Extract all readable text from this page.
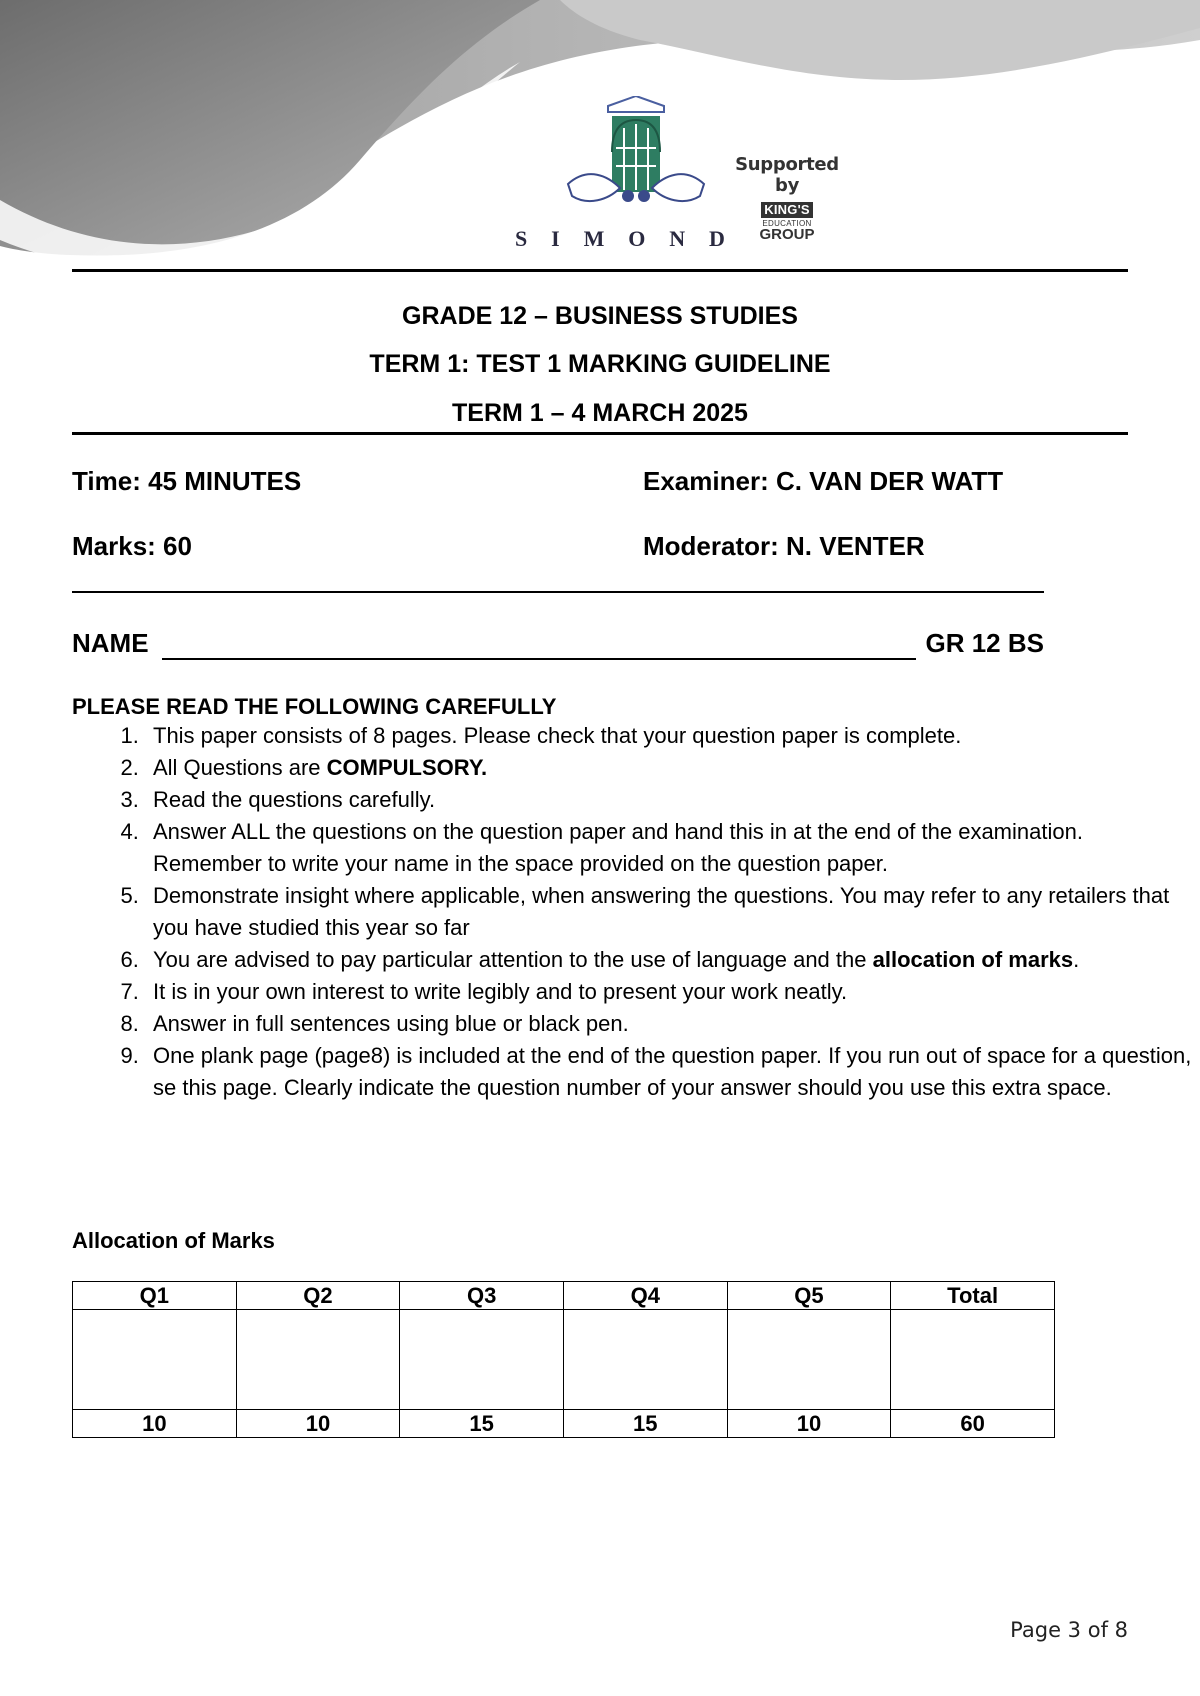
S I M O N D
Supported by
KING'S
EDUCATION
GROUP
GRADE 12 – BUSINESS STUDIES
TERM 1: TEST 1 MARKING GUIDELINE
TERM 1 – 4 MARCH 2025
Time: 45 MINUTES	Examiner: C. VAN DER WATT
Marks: 60	Moderator: N. VENTER
NAME	GR 12 BS
PLEASE READ THE FOLLOWING CAREFULLY
1. This paper consists of 8 pages. Please check that your question paper is complete.
2. All Questions are COMPULSORY.
3. Read the questions carefully.
4. Answer ALL the questions on the question paper and hand this in at the end of the examination.
Remember to write your name in the space provided on the question paper.
5. Demonstrate insight where applicable, when answering the questions. You may refer to any retailers that you have studied this year so far
6. You are advised to pay particular attention to the use of language and the allocation of marks.
7. It is in your own interest to write legibly and to present your work neatly.
8. Answer in full sentences using blue or black pen.
9. One plank page (page8) is included at the end of the question paper. If you run out of space for a question, se this page. Clearly indicate the question number of your answer should you use this extra space.
Allocation of Marks
Q1	Q2	Q3	Q4	Q5	Total

10	10	15	15	10	60
Page 3 of 8
